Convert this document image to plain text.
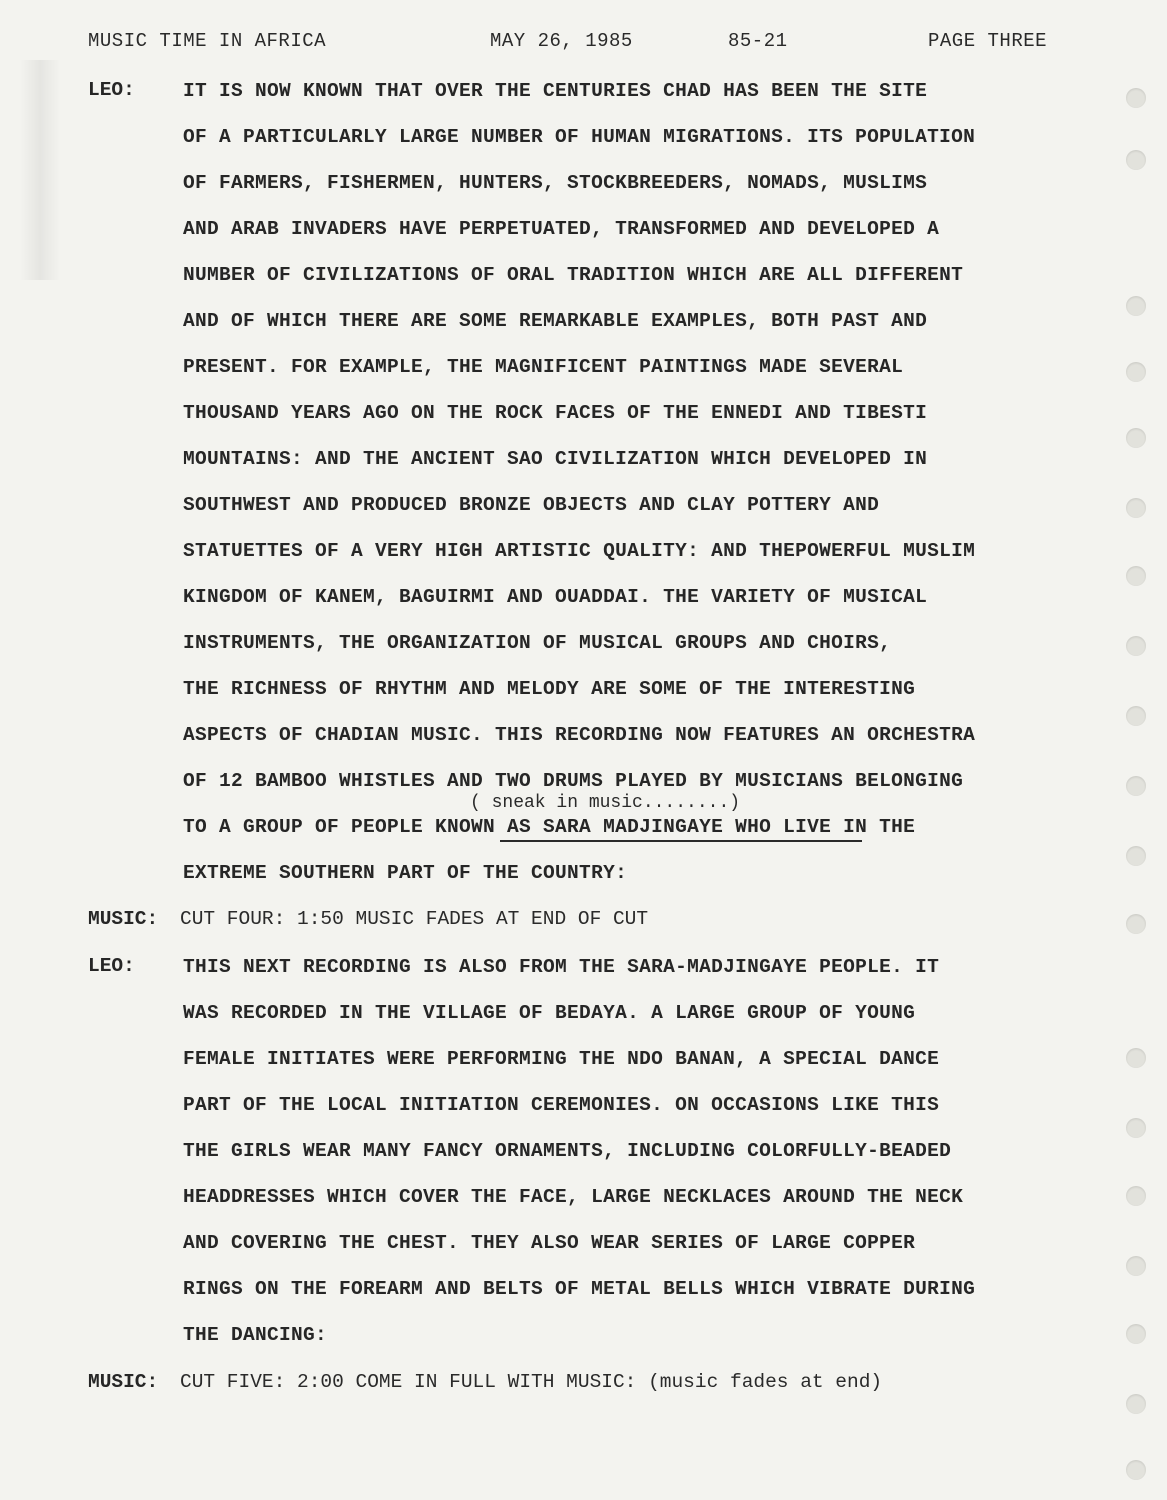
MUSIC TIME IN AFRICA	MAY 26, 1985	85-21	PAGE THREE
LEO: IT IS NOW KNOWN THAT OVER THE CENTURIES CHAD HAS BEEN THE SITE
OF A PARTICULARLY LARGE NUMBER OF HUMAN MIGRATIONS. ITS POPULATION
OF FARMERS, FISHERMEN, HUNTERS, STOCKBREEDERS, NOMADS, MUSLIMS
AND ARAB INVADERS HAVE PERPETUATED, TRANSFORMED AND DEVELOPED A
NUMBER OF CIVILIZATIONS OF ORAL TRADITION WHICH ARE ALL DIFFERENT
AND OF WHICH THERE ARE SOME REMARKABLE EXAMPLES, BOTH PAST AND
PRESENT. FOR EXAMPLE, THE MAGNIFICENT PAINTINGS MADE SEVERAL
THOUSAND YEARS AGO ON THE ROCK FACES OF THE ENNEDI AND TIBESTI
MOUNTAINS: AND THE ANCIENT SAO CIVILIZATION WHICH DEVELOPED IN
SOUTHWEST AND PRODUCED BRONZE OBJECTS AND CLAY POTTERY AND
STATUETTES OF A VERY HIGH ARTISTIC QUALITY: AND THEPOWERFUL MUSLIM
KINGDOM OF KANEM, BAGUIRMI AND OUADDAI. THE VARIETY OF MUSICAL
INSTRUMENTS, THE ORGANIZATION OF MUSICAL GROUPS AND CHOIRS,
THE RICHNESS OF RHYTHM AND MELODY ARE SOME OF THE INTERESTING
ASPECTS OF CHADIAN MUSIC. THIS RECORDING NOW FEATURES AN ORCHESTRA
OF 12 BAMBOO WHISTLES AND TWO DRUMS PLAYED BY MUSICIANS BELONGING
( sneak in music........)
TO A GROUP OF PEOPLE KNOWN AS SARA MADJINGAYE WHO LIVE IN THE
EXTREME SOUTHERN PART OF THE COUNTRY:
MUSIC: CUT FOUR: 1:50 MUSIC FADES AT END OF CUT
LEO: THIS NEXT RECORDING IS ALSO FROM THE SARA-MADJINGAYE PEOPLE. IT
WAS RECORDED IN THE VILLAGE OF BEDAYA. A LARGE GROUP OF YOUNG
FEMALE INITIATES WERE PERFORMING THE NDO BANAN, A SPECIAL DANCE
PART OF THE LOCAL INITIATION CEREMONIES. ON OCCASIONS LIKE THIS
THE GIRLS WEAR MANY FANCY ORNAMENTS, INCLUDING COLORFULLY-BEADED
HEADDRESSES WHICH COVER THE FACE, LARGE NECKLACES AROUND THE NECK
AND COVERING THE CHEST. THEY ALSO WEAR SERIES OF LARGE COPPER
RINGS ON THE FOREARM AND BELTS OF METAL BELLS WHICH VIBRATE DURING
THE DANCING:
MUSIC: CUT FIVE: 2:00 COME IN FULL WITH MUSIC: (music fades at end)
